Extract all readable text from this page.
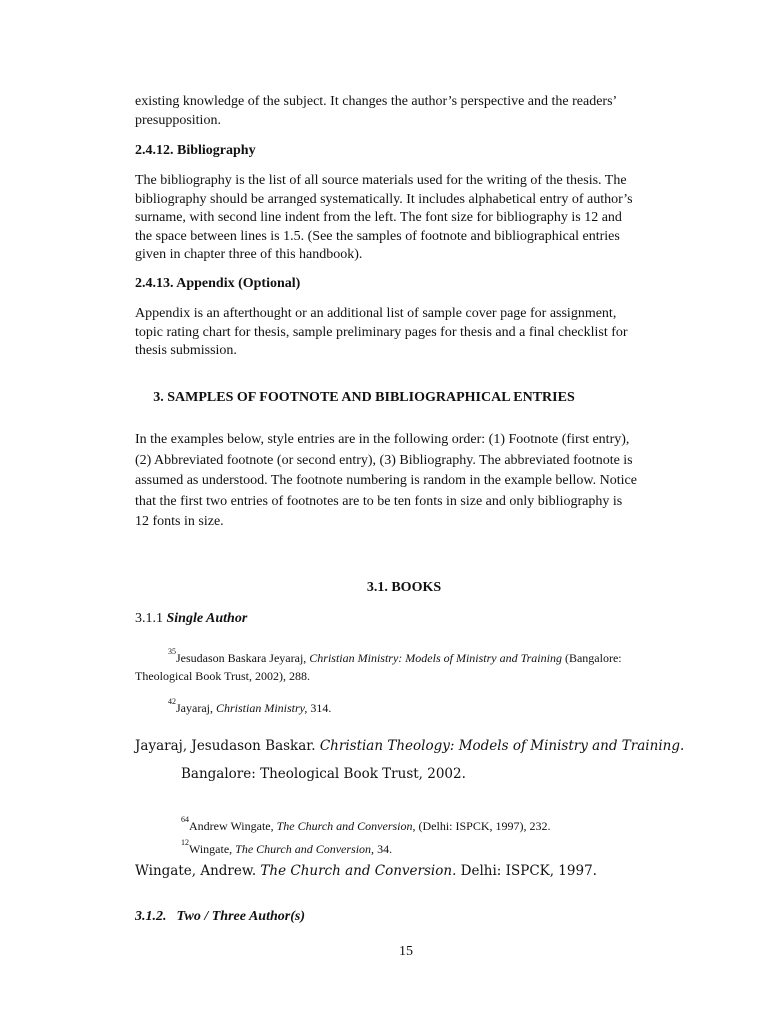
existing knowledge of the subject. It changes the author’s perspective and the readers’
presupposition.
2.4.12. Bibliography
The bibliography is the list of all source materials used for the writing of the thesis. The
bibliography should be arranged systematically. It includes alphabetical entry of author’s
surname, with second line indent from the left. The font size for bibliography is 12 and
the space between lines is 1.5. (See the samples of footnote and bibliographical entries
given in chapter three of this handbook).
2.4.13. Appendix (Optional)
Appendix is an afterthought or an additional list of sample cover page for assignment,
topic rating chart for thesis, sample preliminary pages for thesis and a final checklist for
thesis submission.
3. SAMPLES OF FOOTNOTE AND BIBLIOGRAPHICAL ENTRIES
In the examples below, style entries are in the following order: (1) Footnote (first entry),
(2) Abbreviated footnote (or second entry), (3) Bibliography. The abbreviated footnote is
assumed as understood. The footnote numbering is random in the example bellow. Notice
that the first two entries of footnotes are to be ten fonts in size and only bibliography is
12 fonts in size.
3.1. BOOKS
3.1.1 Single Author
$^{35}$Jesudason Baskara Jeyaraj, Christian Ministry: Models of Ministry and Training (Bangalore:
Theological Book Trust, 2002), 288.
$^{42}$Jayaraj, Christian Ministry, 314.
Jayaraj, Jesudason Baskar. Christian Theology: Models of Ministry and Training.
Bangalore: Theological Book Trust, 2002.
$^{64}$Andrew Wingate, The Church and Conversion, (Delhi: ISPCK, 1997), 232.
$^{12}$Wingate, The Church and Conversion, 34.
Wingate, Andrew. The Church and Conversion. Delhi: ISPCK, 1997.
3.1.2. Two / Three Author(s)
15
